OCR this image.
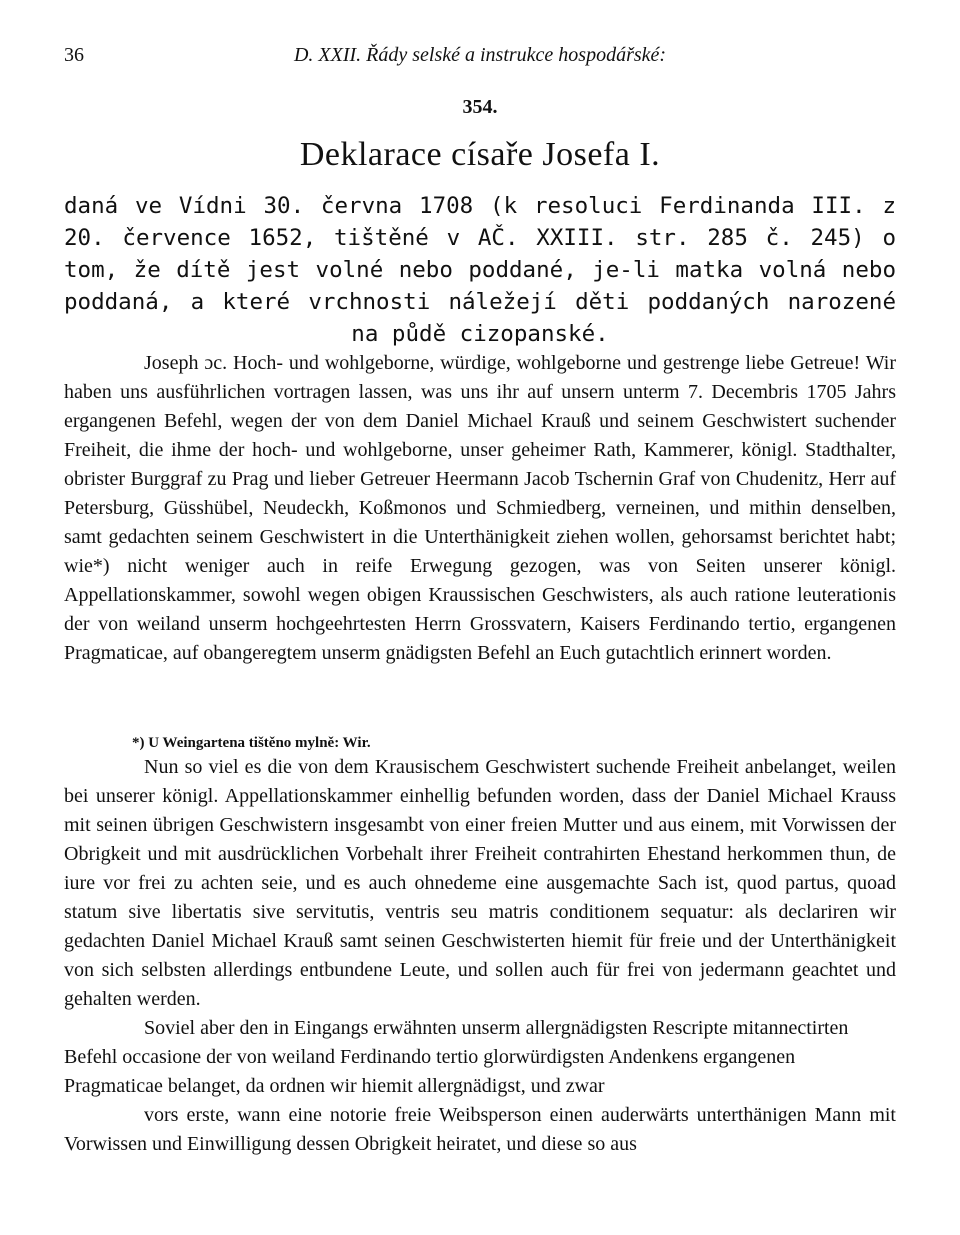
36	D. XXII. Řády selské a instrukce hospodářské:
354.
Deklarace císaře Josefa I.
daná ve Vídni 30. června 1708 (k resoluci Ferdinanda III. z 20. července 1652, tištěné v AČ. XXIII. str. 285 č. 245) o tom, že dítě jest volné nebo poddané, je-li matka volná nebo poddaná, a které vrchnosti náležejí děti poddaných narozené na půdě cizopanské.

Joseph ɔc. Hoch- und wohlgeborne, würdige, wohlgeborne und gestrenge liebe Getreue! Wir haben uns ausführlichen vortragen lassen, was uns ihr auf unsern unterm 7. Decembris 1705 Jahrs ergangenen Befehl, wegen der von dem Daniel Michael Krauß und seinem Geschwistert suchender Freiheit, die ihme der hoch- und wohlgeborne, unser geheimer Rath, Kammerer, königl. Stadthalter, obrister Burggraf zu Prag und lieber Getreuer Heermann Jacob Tschernin Graf von Chudenitz, Herr auf Petersburg, Güsshübel, Neudeckh, Koßmonos und Schmiedberg, verneinen, und mithin denselben, samt gedachten seinem Geschwistert in die Unterthänigkeit ziehen wollen, gehorsamst berichtet habt; wie*) nicht weniger auch in reife Erwegung gezogen, was von Seiten unserer königl. Appellationskammer, sowohl wegen obigen Kraussischen Geschwisters, als auch ratione leuterationis der von weiland unserm hochgeehrtesten Herrn Grossvatern, Kaisers Ferdinando tertio, ergangenen Pragmaticae, auf obangeregtem unserm gnädigsten Befehl an Euch gutachtlich erinnert worden.

*) U Weingartena tištěno mylně: Wir.

Nun so viel es die von dem Krausischem Geschwistert suchende Freiheit anbelanget, weilen bei unserer königl. Appellationskammer einhellig befunden worden, dass der Daniel Michael Krauss mit seinen übrigen Geschwistern insgesambt von einer freien Mutter und aus einem, mit Vorwissen der Obrigkeit und mit ausdrücklichen Vorbehalt ihrer Freiheit contrahirten Ehestand herkommen thun, de iure vor frei zu achten seie, und es auch ohnedeme eine ausgemachte Sach ist, quod partus, quoad statum sive libertatis sive servitutis, ventris seu matris conditionem sequatur: als declariren wir gedachten Daniel Michael Krauß samt seinen Geschwisterten hiemit für freie und der Unterthänigkeit von sich selbsten allerdings entbundene Leute, und sollen auch für frei von jedermann geachtet und gehalten werden.

Soviel aber den in Eingangs erwähnten unserm allergnädigsten Rescripte mitannectirten Befehl occasione der von weiland Ferdinando tertio glorwürdigsten Andenkens ergangenen Pragmaticae belanget, da ordnen wir hiemit allergnädigst, und zwar

vors erste, wann eine notorie freie Weibsperson einen auderwärts unterthänigen Mann mit Vorwissen und Einwilligung dessen Obrigkeit heiratet, und diese so aus
